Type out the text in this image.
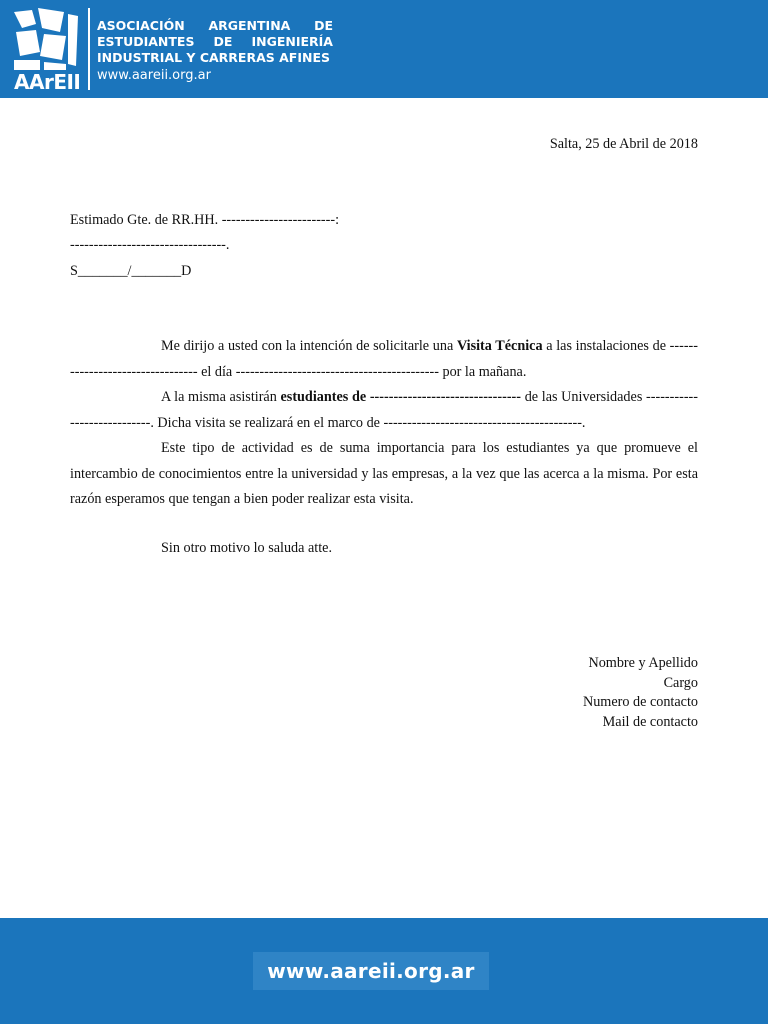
AArEII
ASOCIACIÓN ARGENTINA DE
ESTUDIANTES DE INGENIERÍA
INDUSTRIAL Y CARRERAS AFINES
www.aareii.org.ar
Salta, 25 de Abril de 2018
Estimado Gte. de RR.HH. ------------------------:
---------------------------------.
S_______/_______D

Me dirijo a usted con la intención de solicitarle una Visita Técnica a las instalaciones de --------------------------------- el día ------------------------------------------- por la mañana.

A la misma asistirán estudiantes de -------------------------------- de las Universidades ----------------------------. Dicha visita se realizará en el marco de ------------------------------------------.

Este tipo de actividad es de suma importancia para los estudiantes ya que promueve el intercambio de conocimientos entre la universidad y las empresas, a la vez que las acerca a la misma. Por esta razón esperamos que tengan a bien poder realizar esta visita.

Sin otro motivo lo saluda atte.

Nombre y Apellido
Cargo
Numero de contacto
Mail de contacto
www.aareii.org.ar
